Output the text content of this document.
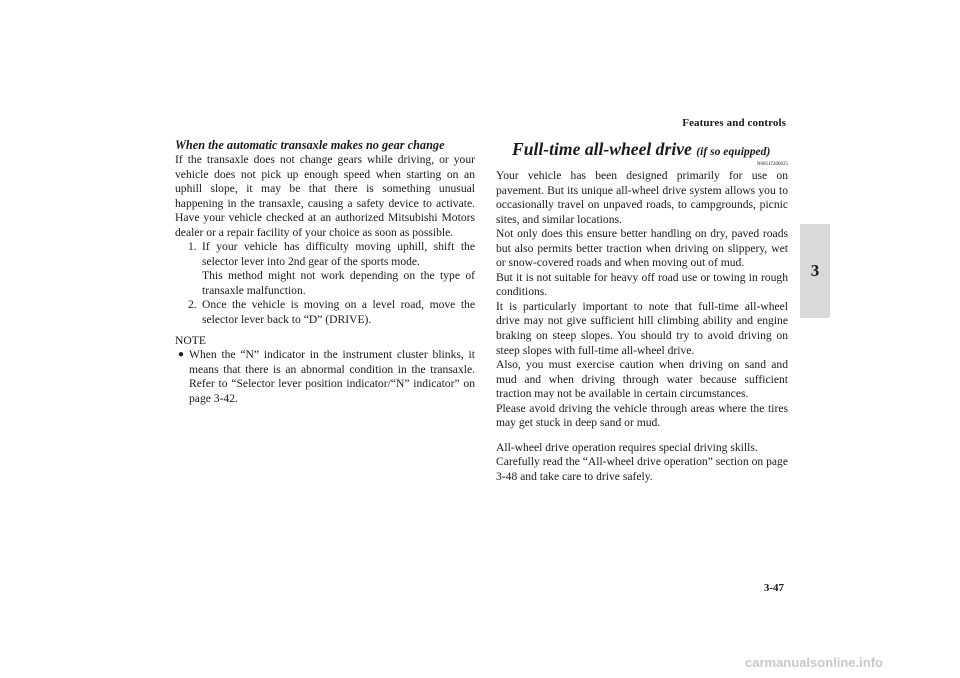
Features and controls
3
When the automatic transaxle makes no gear change

If the transaxle does not change gears while driving, or your vehicle does not pick up enough speed when starting on an uphill slope, it may be that there is something unusual happening in the transaxle, causing a safety device to activate. Have your vehicle checked at an authorized Mitsubishi Motors dealer or a repair facility of your choice as soon as possible.

1. If your vehicle has difficulty moving uphill, shift the selector lever into 2nd gear of the sports mode.
This method might not work depending on the type of transaxle malfunction.
2. Once the vehicle is moving on a level road, move the selector lever back to “D” (DRIVE).
NOTE
● When the “N” indicator in the instrument cluster blinks, it means that there is an abnormal condition in the transaxle. Refer to “Selector lever position indicator/“N” indicator” on page 3-42.
Full-time all-wheel drive (if so equipped)
N00517200025

Your vehicle has been designed primarily for use on pavement. But its unique all-wheel drive system allows you to occasionally travel on unpaved roads, to campgrounds, picnic sites, and similar locations.

Not only does this ensure better handling on dry, paved roads but also permits better traction when driving on slippery, wet or snow-covered roads and when moving out of mud.

But it is not suitable for heavy off road use or towing in rough conditions.

It is particularly important to note that full-time all-wheel drive may not give sufficient hill climbing ability and engine braking on steep slopes. You should try to avoid driving on steep slopes with full-time all-wheel drive.

Also, you must exercise caution when driving on sand and mud and when driving through water because sufficient traction may not be available in certain circumstances.

Please avoid driving the vehicle through areas where the tires may get stuck in deep sand or mud.

All-wheel drive operation requires special driving skills.

Carefully read the “All-wheel drive operation” section on page 3-48 and take care to drive safely.

3-47
carmanualsonline.info
